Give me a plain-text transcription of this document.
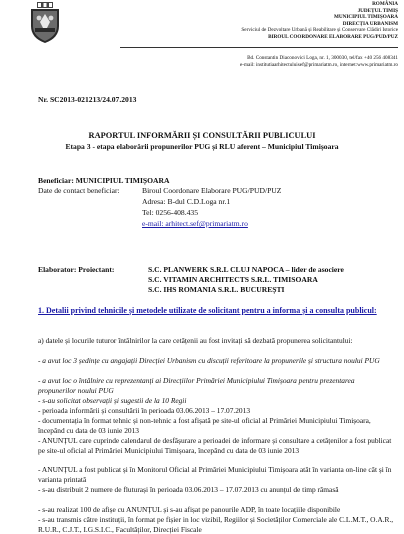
ROMÂNIA
JUDEȚUL TIMIȘ
MUNICIPIUL TIMIȘOARA
DIRECȚIA URBANISM
Serviciul de Dezvoltare Urbană și Reabilitare și Conservare Clădiri Istorice
BIROUL COORDONARE ELABORARE PUG/PUD/PUZ
Bd. Constantin Diaconovici Loga, nr. 1, 300030, tel/fax +40 256 408341
e-mail: institutiaarhitectuluisef@primariatm.ro, internet:www.primariatm.ro
Nr. SC2013-021213/24.07.2013
RAPORTUL INFORMĂRII ȘI CONSULTĂRII PUBLICULUI
Etapa 3 - etapa elaborării propunerilor PUG și RLU aferent – Municipiul Timișoara
Beneficiar: MUNICIPIUL TIMIȘOARA
Date de contact beneficiar:	Biroul Coordonare Elaborare PUG/PUD/PUZ
Adresa: B-dul C.D.Loga nr.1
Tel: 0256-408.435
e-mail: arhitect.sef@primariatm.ro
Elaborator: Proiectant:	S.C. PLANWERK S.R.L CLUJ NAPOCA – lider de asociere
S.C. VITAMIN ARCHITECTS S.R.L. TIMISOARA
S.C. IHS ROMANIA S.R.L. BUCUREȘTI
1. Detalii privind tehnicile și metodele utilizate de solicitant pentru a informa și a consulta publicul:
a) datele și locurile tuturor întâlnirilor la care cetățenii au fost invitați să dezbată propunerea solicitantului:
- a avut loc 3 ședințe cu angajații Direcției Urbanism cu discuții referitoare la propunerile și structura noului PUG
- a avut loc o întâlnire cu reprezentanți ai Direcțiilor Primăriei Municipiului Timișoara pentru prezentarea propunerilor noului PUG
- s-au solicitat observații și sugestii de la 10 Regii
- perioada informării și consultării în perioada 03.06.2013 – 17.07.2013
- documentația în format tehnic și non-tehnic a fost afișată pe site-ul oficial al Primăriei Municipiului Timișoara, începând cu data de 03 iunie 2013
- ANUNȚUL care cuprinde calendarul de desfășurare a perioadei de informare și consultare a cetățenilor a fost publicat pe site-ul oficial al Primăriei Municipiului Timișoara, începând cu data de 03 iunie 2013
- ANUNȚUL a fost publicat și în Monitorul Oficial al Primăriei Municipiului Timișoara atât în varianta on-line cât și în varianta printată
- s-au distribuit 2 numere de fluturași în perioada 03.06.2013 – 17.07.2013 cu anunțul de timp rămasă
- s-au realizat 100 de afișe cu ANUNȚUL și s-au afișat pe panourile ADP, în toate locațiile disponibile
- s-au transmis către instituții, în format pe fișier in loc vizibil, Regiilor și Societăților Comerciale ale C.L.M.T., O.A.R., R.U.R., C.J.T., I.G.S.I.C., Facultăților, Direcției Fiscale
